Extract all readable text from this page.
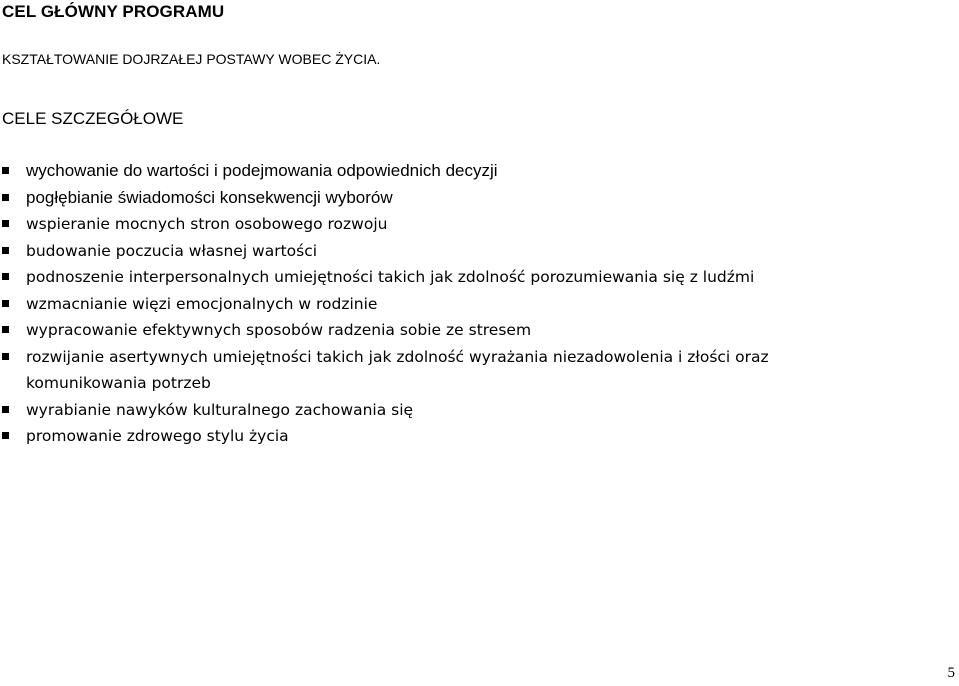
CEL GŁÓWNY PROGRAMU
KSZTAŁTOWANIE DOJRZAŁEJ POSTAWY WOBEC ŻYCIA.
CELE SZCZEGÓŁOWE
wychowanie do wartości i podejmowania odpowiednich decyzji
pogłębianie świadomości konsekwencji wyborów
wspieranie mocnych stron osobowego rozwoju
budowanie poczucia własnej wartości
podnoszenie interpersonalnych umiejętności takich jak zdolność porozumiewania się z ludźmi
wzmacnianie więzi emocjonalnych w rodzinie
wypracowanie efektywnych sposobów radzenia sobie ze stresem
rozwijanie asertywnych umiejętności takich jak zdolność wyrażania niezadowolenia i złości oraz
komunikowania potrzeb
wyrabianie nawyków kulturalnego zachowania się
promowanie zdrowego stylu życia
5
